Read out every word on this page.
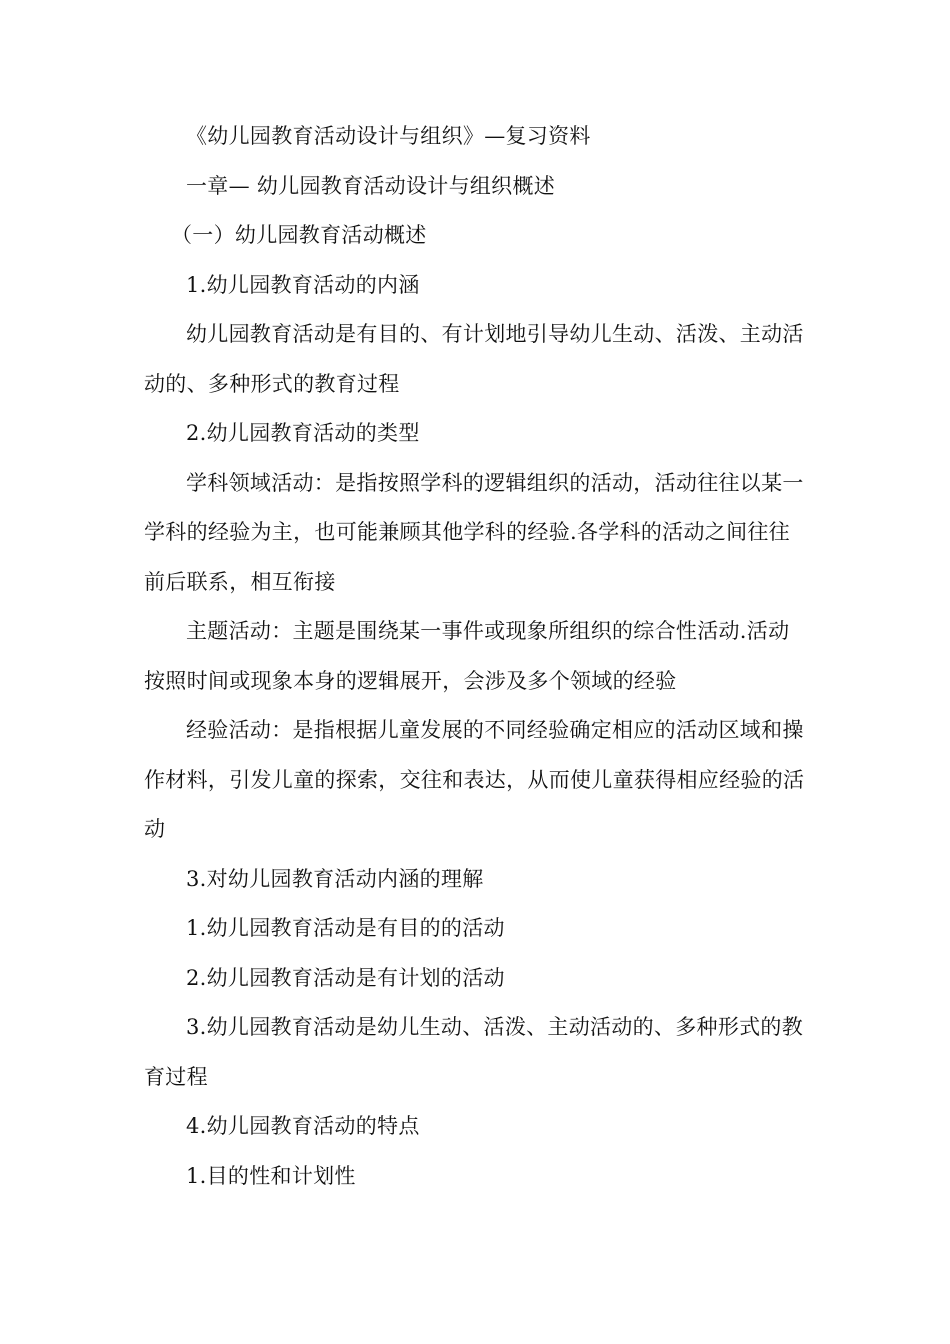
《幼儿园教育活动设计与组织》—复习资料

一章— 幼儿园教育活动设计与组织概述

（一）幼儿园教育活动概述

1.幼儿园教育活动的内涵

幼儿园教育活动是有目的、有计划地引导幼儿生动、活泼、主动活动的、多种形式的教育过程

2.幼儿园教育活动的类型

学科领域活动：是指按照学科的逻辑组织的活动，活动往往以某一学科的经验为主，也可能兼顾其他学科的经验.各学科的活动之间往往前后联系，相互衔接

主题活动：主题是围绕某一事件或现象所组织的综合性活动.活动按照时间或现象本身的逻辑展开，会涉及多个领域的经验

经验活动：是指根据儿童发展的不同经验确定相应的活动区域和操作材料，引发儿童的探索，交往和表达，从而使儿童获得相应经验的活动

3.对幼儿园教育活动内涵的理解

1.幼儿园教育活动是有目的的活动

2.幼儿园教育活动是有计划的活动

3.幼儿园教育活动是幼儿生动、活泼、主动活动的、多种形式的教育过程

4.幼儿园教育活动的特点

1.目的性和计划性
